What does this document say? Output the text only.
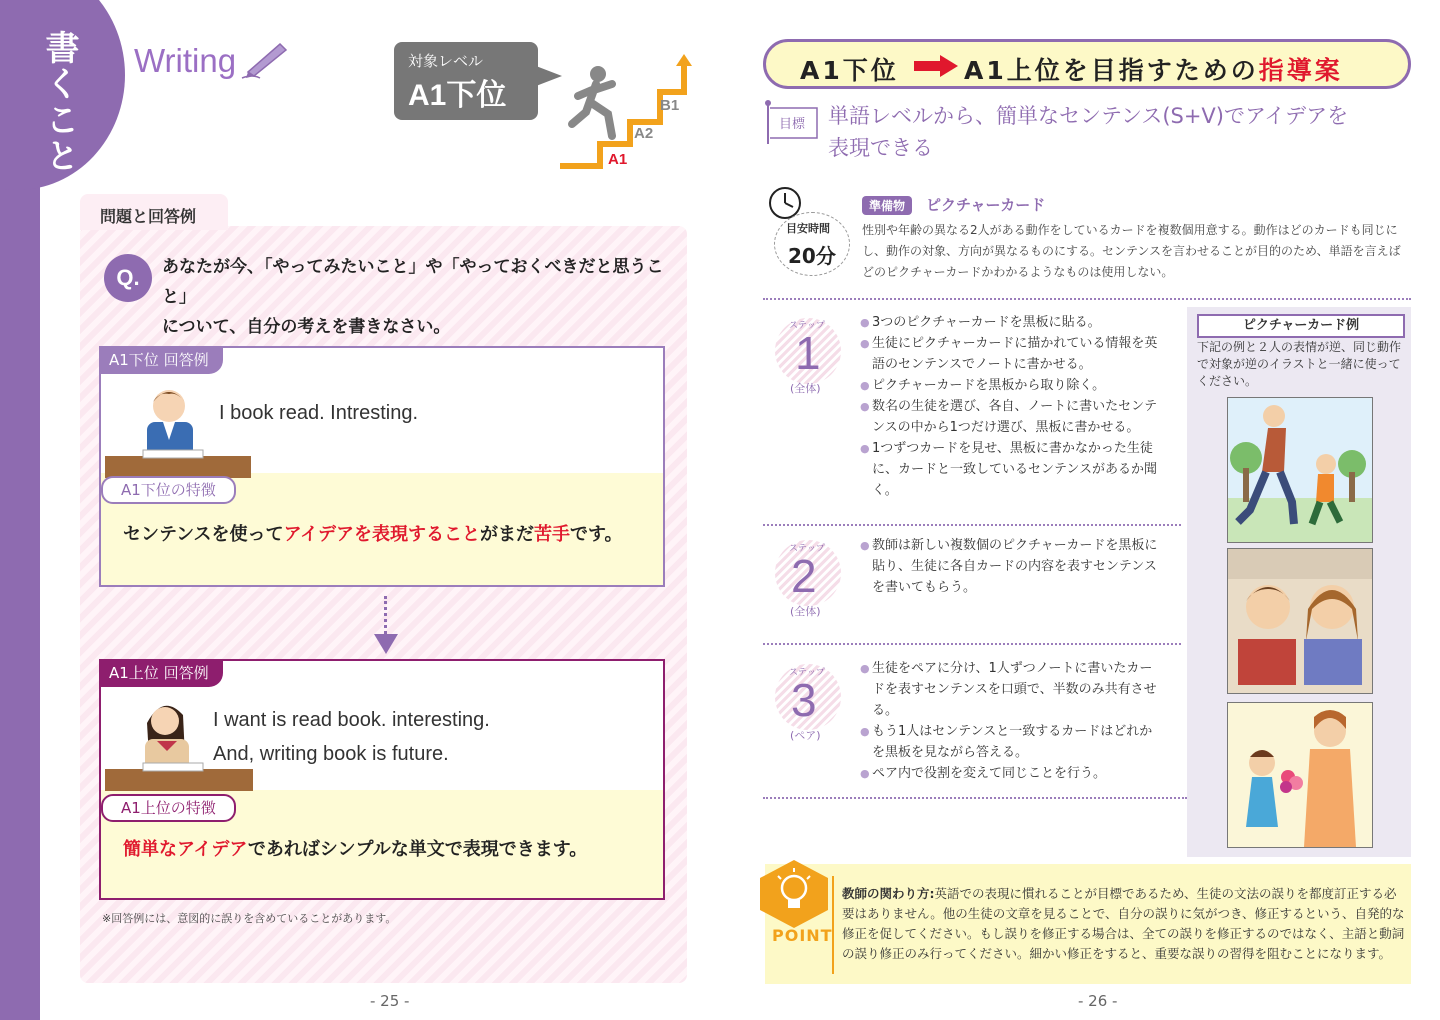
書くこと Writing	対象レベル
A1下位
A1
A2
B1
問題と回答例
Q.	あなたが今、「やってみたいこと」や「やっておくべきだと思うこと」
について、自分の考えを書きなさい。
A1下位 回答例
I book read. Intresting.
A1下位の特徴
センテンスを使ってアイデアを表現することがまだ苦手です。
A1上位 回答例
I want is read book. interesting.
And, writing book is future.
A1上位の特徴
簡単なアイデアであればシンプルな単文で表現できます。
※回答例には、意図的に誤りを含めていることがあります。
- 25 -
A1下位	A1上位を目指すための指導案
目標 単語レベルから、簡単なセンテンス(S+V)でアイデアを
表現できる
目安時間
20分
準備物	ピクチャーカード
性別や年齢の異なる2人がある動作をしているカードを複数個用意する。動作はどのカードも同じにし、動作の対象、方向が異なるものにする。センテンスを言わせることが目的のため、単語を言えばどのピクチャーカードかわかるようなものは使用しない。
ステップ
1
(全体)
● 3つのピクチャーカードを黒板に貼る。
● 生徒にピクチャーカードに描かれている情報を英語のセンテンスでノートに書かせる。
● ピクチャーカードを黒板から取り除く。
● 数名の生徒を選び、各自、ノートに書いたセンテンスの中から1つだけ選び、黒板に書かせる。
● 1つずつカードを見せ、黒板に書かなかった生徒に、カードと一致しているセンテンスがあるか聞く。
ステップ
2
(全体)
● 教師は新しい複数個のピクチャーカードを黒板に貼り、生徒に各自カードの内容を表すセンテンスを書いてもらう。
ステップ
3
(ペア)
● 生徒をペアに分け、1人ずつノートに書いたカードを表すセンテンスを口頭で、半数のみ共有させる。
● もう1人はセンテンスと一致するカードはどれかを黒板を見ながら答える。
● ペア内で役割を変えて同じことを行う。
ピクチャーカード例
下記の例と２人の表情が逆、同じ動作で対象が逆のイラストと一緒に使ってください。
POINT
教師の関わり方:英語での表現に慣れることが目標であるため、生徒の文法の誤りを都度訂正する必要はありません。他の生徒の文章を見ることで、自分の誤りに気がつき、修正するという、自発的な修正を促してください。もし誤りを修正する場合は、全ての誤りを修正するのではなく、主語と動詞の誤り修正のみ行ってください。細かい修正をすると、重要な誤りの習得を阻むことになります。
- 26 -
